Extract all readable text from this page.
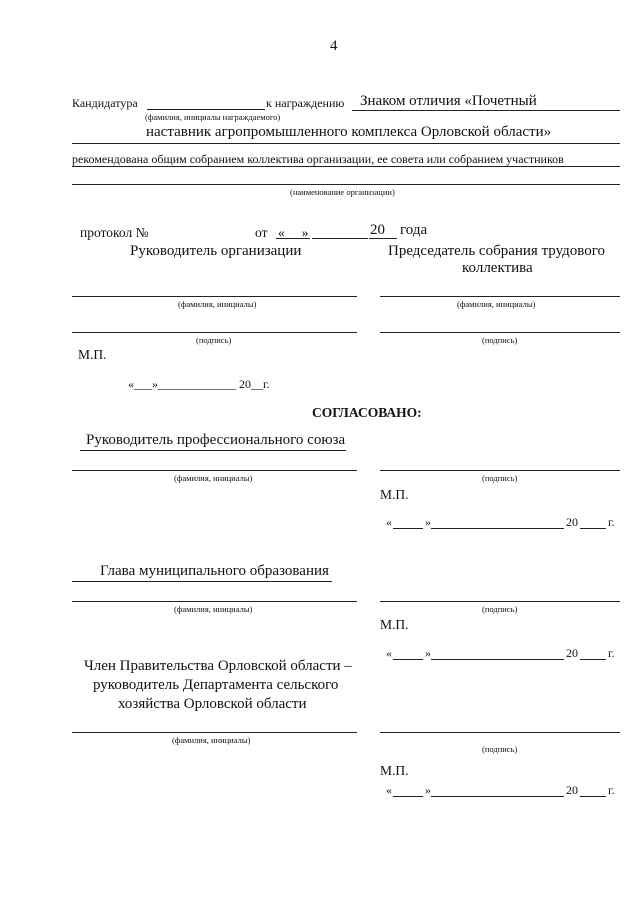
4
Кандидатура	к награждению Знаком отличия «Почетный
(фамилия, инициалы награждаемого)
наставник агропромышленного комплекса Орловской области»
рекомендована общим собранием коллектива организации, ее совета или собранием участников
(наименование организации)
протокол №	от «     »	20 года
Руководитель организации	Председатель собрания трудового
коллектива
(фамилия, инициалы)	(фамилия, инициалы)
(подпись)	(подпись)
М.П.
«___»_____________ 20__г.
СОГЛАСОВАНО:
Руководитель профессионального союза
(фамилия, инициалы)	(подпись)
М.П.
«	»	20	г.
Глава муниципального образования
(фамилия, инициалы)	(подпись)
М.П.
«	»	20	г.
Член Правительства Орловской области –
руководитель Департамента сельского
хозяйства Орловской области
(фамилия, инициалы)
(подпись)
М.П.
«	»	20	г.
